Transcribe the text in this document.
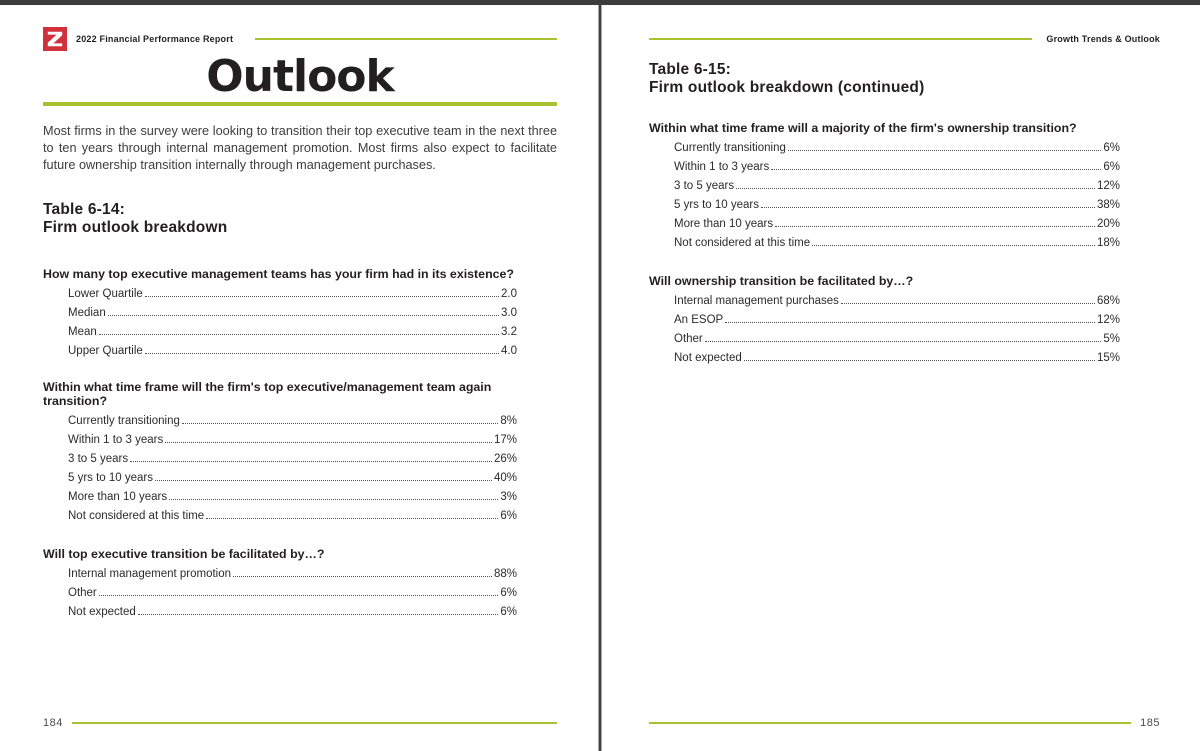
2022 Financial Performance Report
Outlook

Most firms in the survey were looking to transition their top executive team in the next three to ten years through internal management promotion. Most firms also expect to facilitate future ownership transition internally through management purchases.

Table 6-14:
Firm outlook breakdown
How many top executive management teams has your firm had in its existence?
Lower Quartile	2.0
Median	3.0
Mean	3.2
Upper Quartile	4.0
Within what time frame will the firm's top executive/management team again transition?
Currently transitioning	8%
Within 1 to 3 years	17%
3 to 5 years	26%
5 yrs to 10 years	40%
More than 10 years	3%
Not considered at this time	6%
Will top executive transition be facilitated by…?
Internal management promotion	88%
Other	6%
Not expected	6%
184
Growth Trends & Outlook
Table 6-15:
Firm outlook breakdown (continued)
Within what time frame will a majority of the firm's ownership transition?
Currently transitioning	6%
Within 1 to 3 years	6%
3 to 5 years	12%
5 yrs to 10 years	38%
More than 10 years	20%
Not considered at this time	18%
Will ownership transition be facilitated by…?
Internal management purchases	68%
An ESOP	12%
Other	5%
Not expected	15%
185
